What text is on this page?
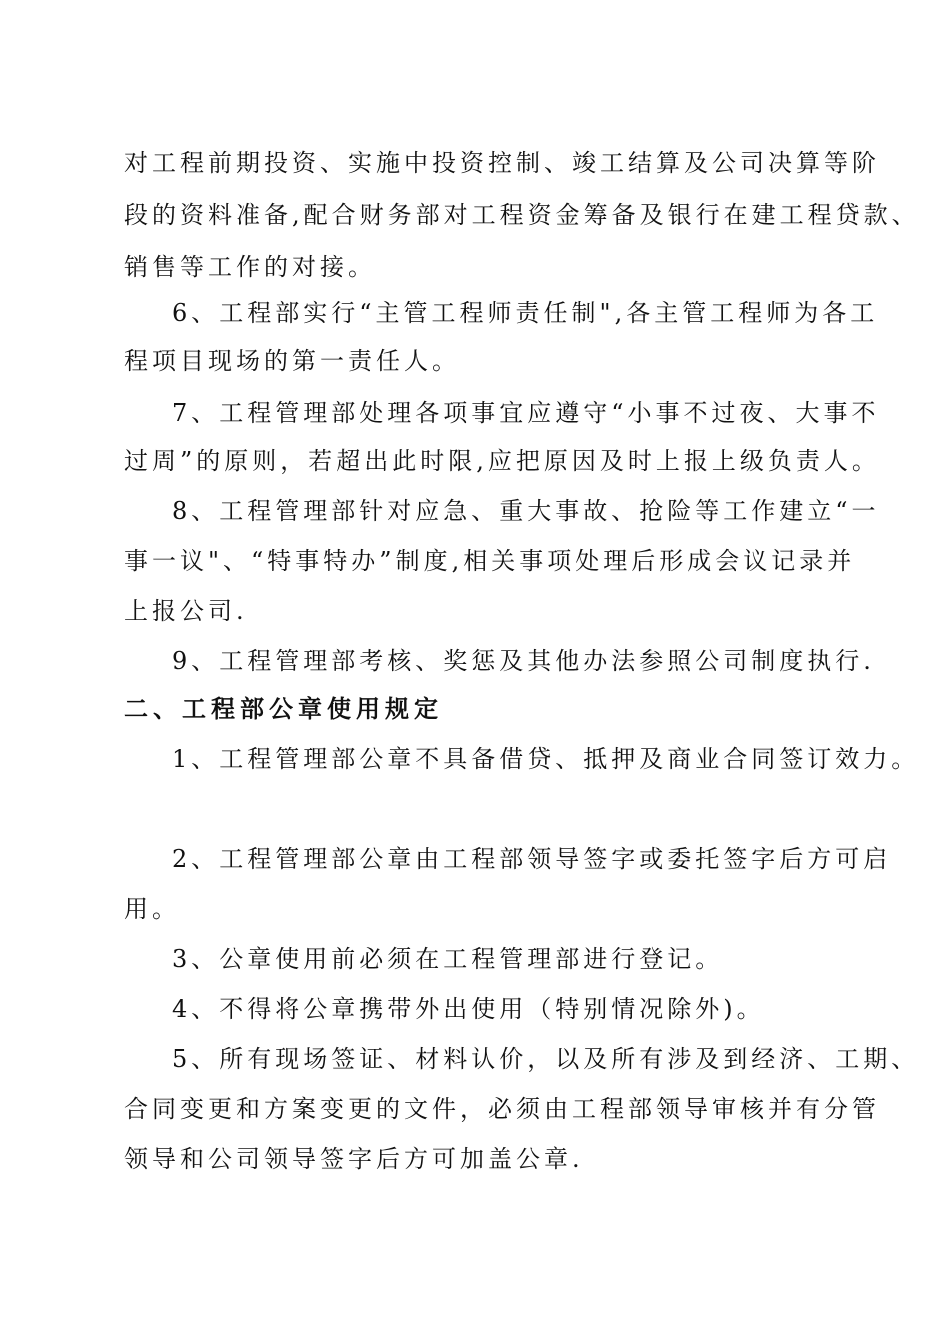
对工程前期投资、实施中投资控制、竣工结算及公司决算等阶
段的资料准备,配合财务部对工程资金筹备及银行在建工程贷款、
销售等工作的对接。
6、工程部实行“主管工程师责任制",各主管工程师为各工
程项目现场的第一责任人。
7、工程管理部处理各项事宜应遵守“小事不过夜、大事不
过周”的原则，若超出此时限,应把原因及时上报上级负责人。
8、工程管理部针对应急、重大事故、抢险等工作建立“一
事一议"、“特事特办”制度,相关事项处理后形成会议记录并
上报公司.
9、工程管理部考核、奖惩及其他办法参照公司制度执行.
二、工程部公章使用规定
1、工程管理部公章不具备借贷、抵押及商业合同签订效力。
2、工程管理部公章由工程部领导签字或委托签字后方可启
用。
3、公章使用前必须在工程管理部进行登记。
4、不得将公章携带外出使用（特别情况除外)。
5、所有现场签证、材料认价，以及所有涉及到经济、工期、
合同变更和方案变更的文件，必须由工程部领导审核并有分管
领导和公司领导签字后方可加盖公章.
